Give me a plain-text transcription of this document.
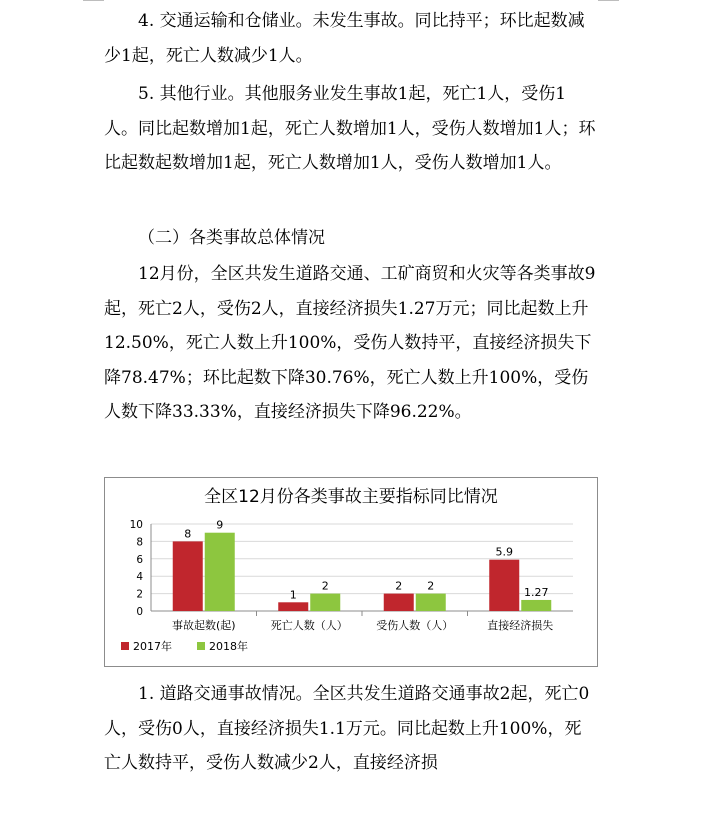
4. 交通运输和仓储业。未发生事故。同比持平；环比起数减少1起，死亡人数减少1人。

5. 其他行业。其他服务业发生事故1起，死亡1人，受伤1人。同比起数增加1起，死亡人数增加1人，受伤人数增加1人；环比起数起数增加1起，死亡人数增加1人，受伤人数增加1人。

（二）各类事故总体情况

12月份，全区共发生道路交通、工矿商贸和火灾等各类事故9起，死亡2人，受伤2人，直接经济损失1.27万元；同比起数上升12.50%，死亡人数上升100%，受伤人数持平，直接经济损失下降78.47%；环比起数下降30.76%，死亡人数上升100%，受伤人数下降33.33%，直接经济损失下降96.22%。

全区12月份各类事故主要指标同比情况
0
2
4
6
8
10
8
9
事故起数(起)
1
2
死亡人数（人）
2 2
受伤人数（人）
5.9
1.27
直接经济损失
2017年	2018年

1. 道路交通事故情况。全区共发生道路交通事故2起，死亡0人，受伤0人，直接经济损失1.1万元。同比起数上升100%，死亡人数持平，受伤人数减少2人，直接经济损
